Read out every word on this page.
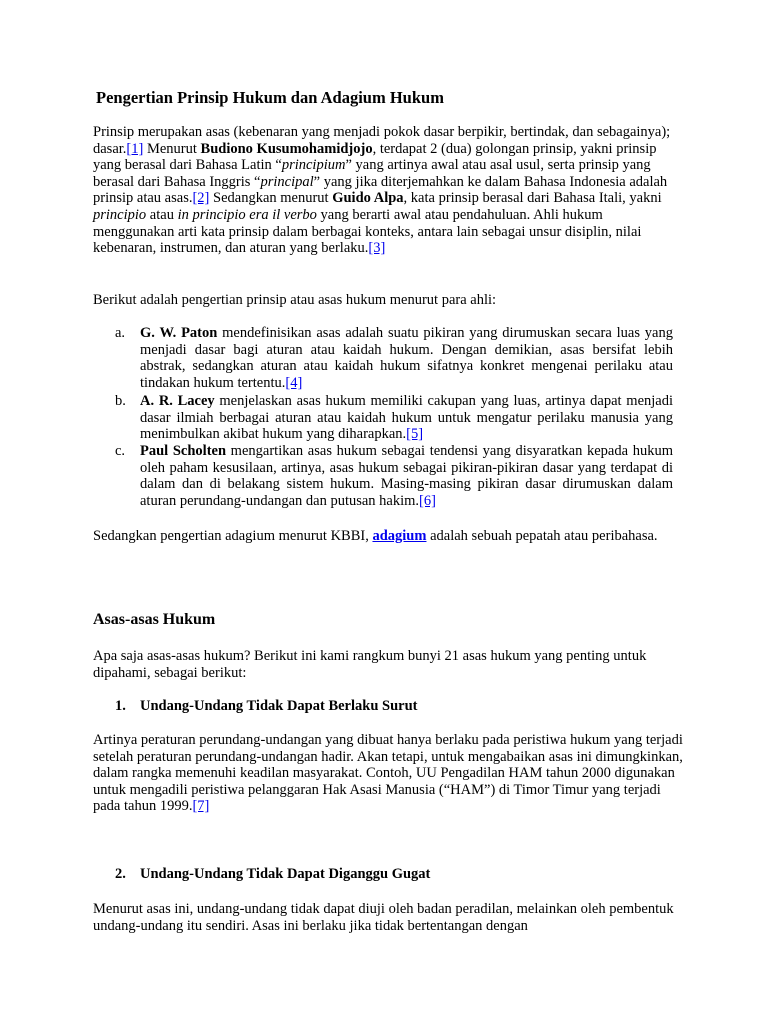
Pengertian Prinsip Hukum dan Adagium Hukum
Prinsip merupakan asas (kebenaran yang menjadi pokok dasar berpikir, bertindak, dan sebagainya); dasar.[1] Menurut Budiono Kusumohamidjojo, terdapat 2 (dua) golongan prinsip, yakni prinsip yang berasal dari Bahasa Latin “principium” yang artinya awal atau asal usul, serta prinsip yang berasal dari Bahasa Inggris “principal” yang jika diterjemahkan ke dalam Bahasa Indonesia adalah prinsip atau asas.[2] Sedangkan menurut Guido Alpa, kata prinsip berasal dari Bahasa Itali, yakni principio atau in principio era il verbo yang berarti awal atau pendahuluan. Ahli hukum menggunakan arti kata prinsip dalam berbagai konteks, antara lain sebagai unsur disiplin, nilai kebenaran, instrumen, dan aturan yang berlaku.[3]
Berikut adalah pengertian prinsip atau asas hukum menurut para ahli:
a. G. W. Paton mendefinisikan asas adalah suatu pikiran yang dirumuskan secara luas yang menjadi dasar bagi aturan atau kaidah hukum. Dengan demikian, asas bersifat lebih abstrak, sedangkan aturan atau kaidah hukum sifatnya konkret mengenai perilaku atau tindakan hukum tertentu.[4]
b. A. R. Lacey menjelaskan asas hukum memiliki cakupan yang luas, artinya dapat menjadi dasar ilmiah berbagai aturan atau kaidah hukum untuk mengatur perilaku manusia yang menimbulkan akibat hukum yang diharapkan.[5]
c. Paul Scholten mengartikan asas hukum sebagai tendensi yang disyaratkan kepada hukum oleh paham kesusilaan, artinya, asas hukum sebagai pikiran-pikiran dasar yang terdapat di dalam dan di belakang sistem hukum. Masing-masing pikiran dasar dirumuskan dalam aturan perundang-undangan dan putusan hakim.[6]
Sedangkan pengertian adagium menurut KBBI, adagium adalah sebuah pepatah atau peribahasa.
Asas-asas Hukum
Apa saja asas-asas hukum? Berikut ini kami rangkum bunyi 21 asas hukum yang penting untuk dipahami, sebagai berikut:
1. Undang-Undang Tidak Dapat Berlaku Surut
Artinya peraturan perundang-undangan yang dibuat hanya berlaku pada peristiwa hukum yang terjadi setelah peraturan perundang-undangan hadir. Akan tetapi, untuk mengabaikan asas ini dimungkinkan, dalam rangka memenuhi keadilan masyarakat. Contoh, UU Pengadilan HAM tahun 2000 digunakan untuk mengadili peristiwa pelanggaran Hak Asasi Manusia (“HAM”) di Timor Timur yang terjadi pada tahun 1999.[7]
2. Undang-Undang Tidak Dapat Diganggu Gugat
Menurut asas ini, undang-undang tidak dapat diuji oleh badan peradilan, melainkan oleh pembentuk undang-undang itu sendiri. Asas ini berlaku jika tidak bertentangan dengan
